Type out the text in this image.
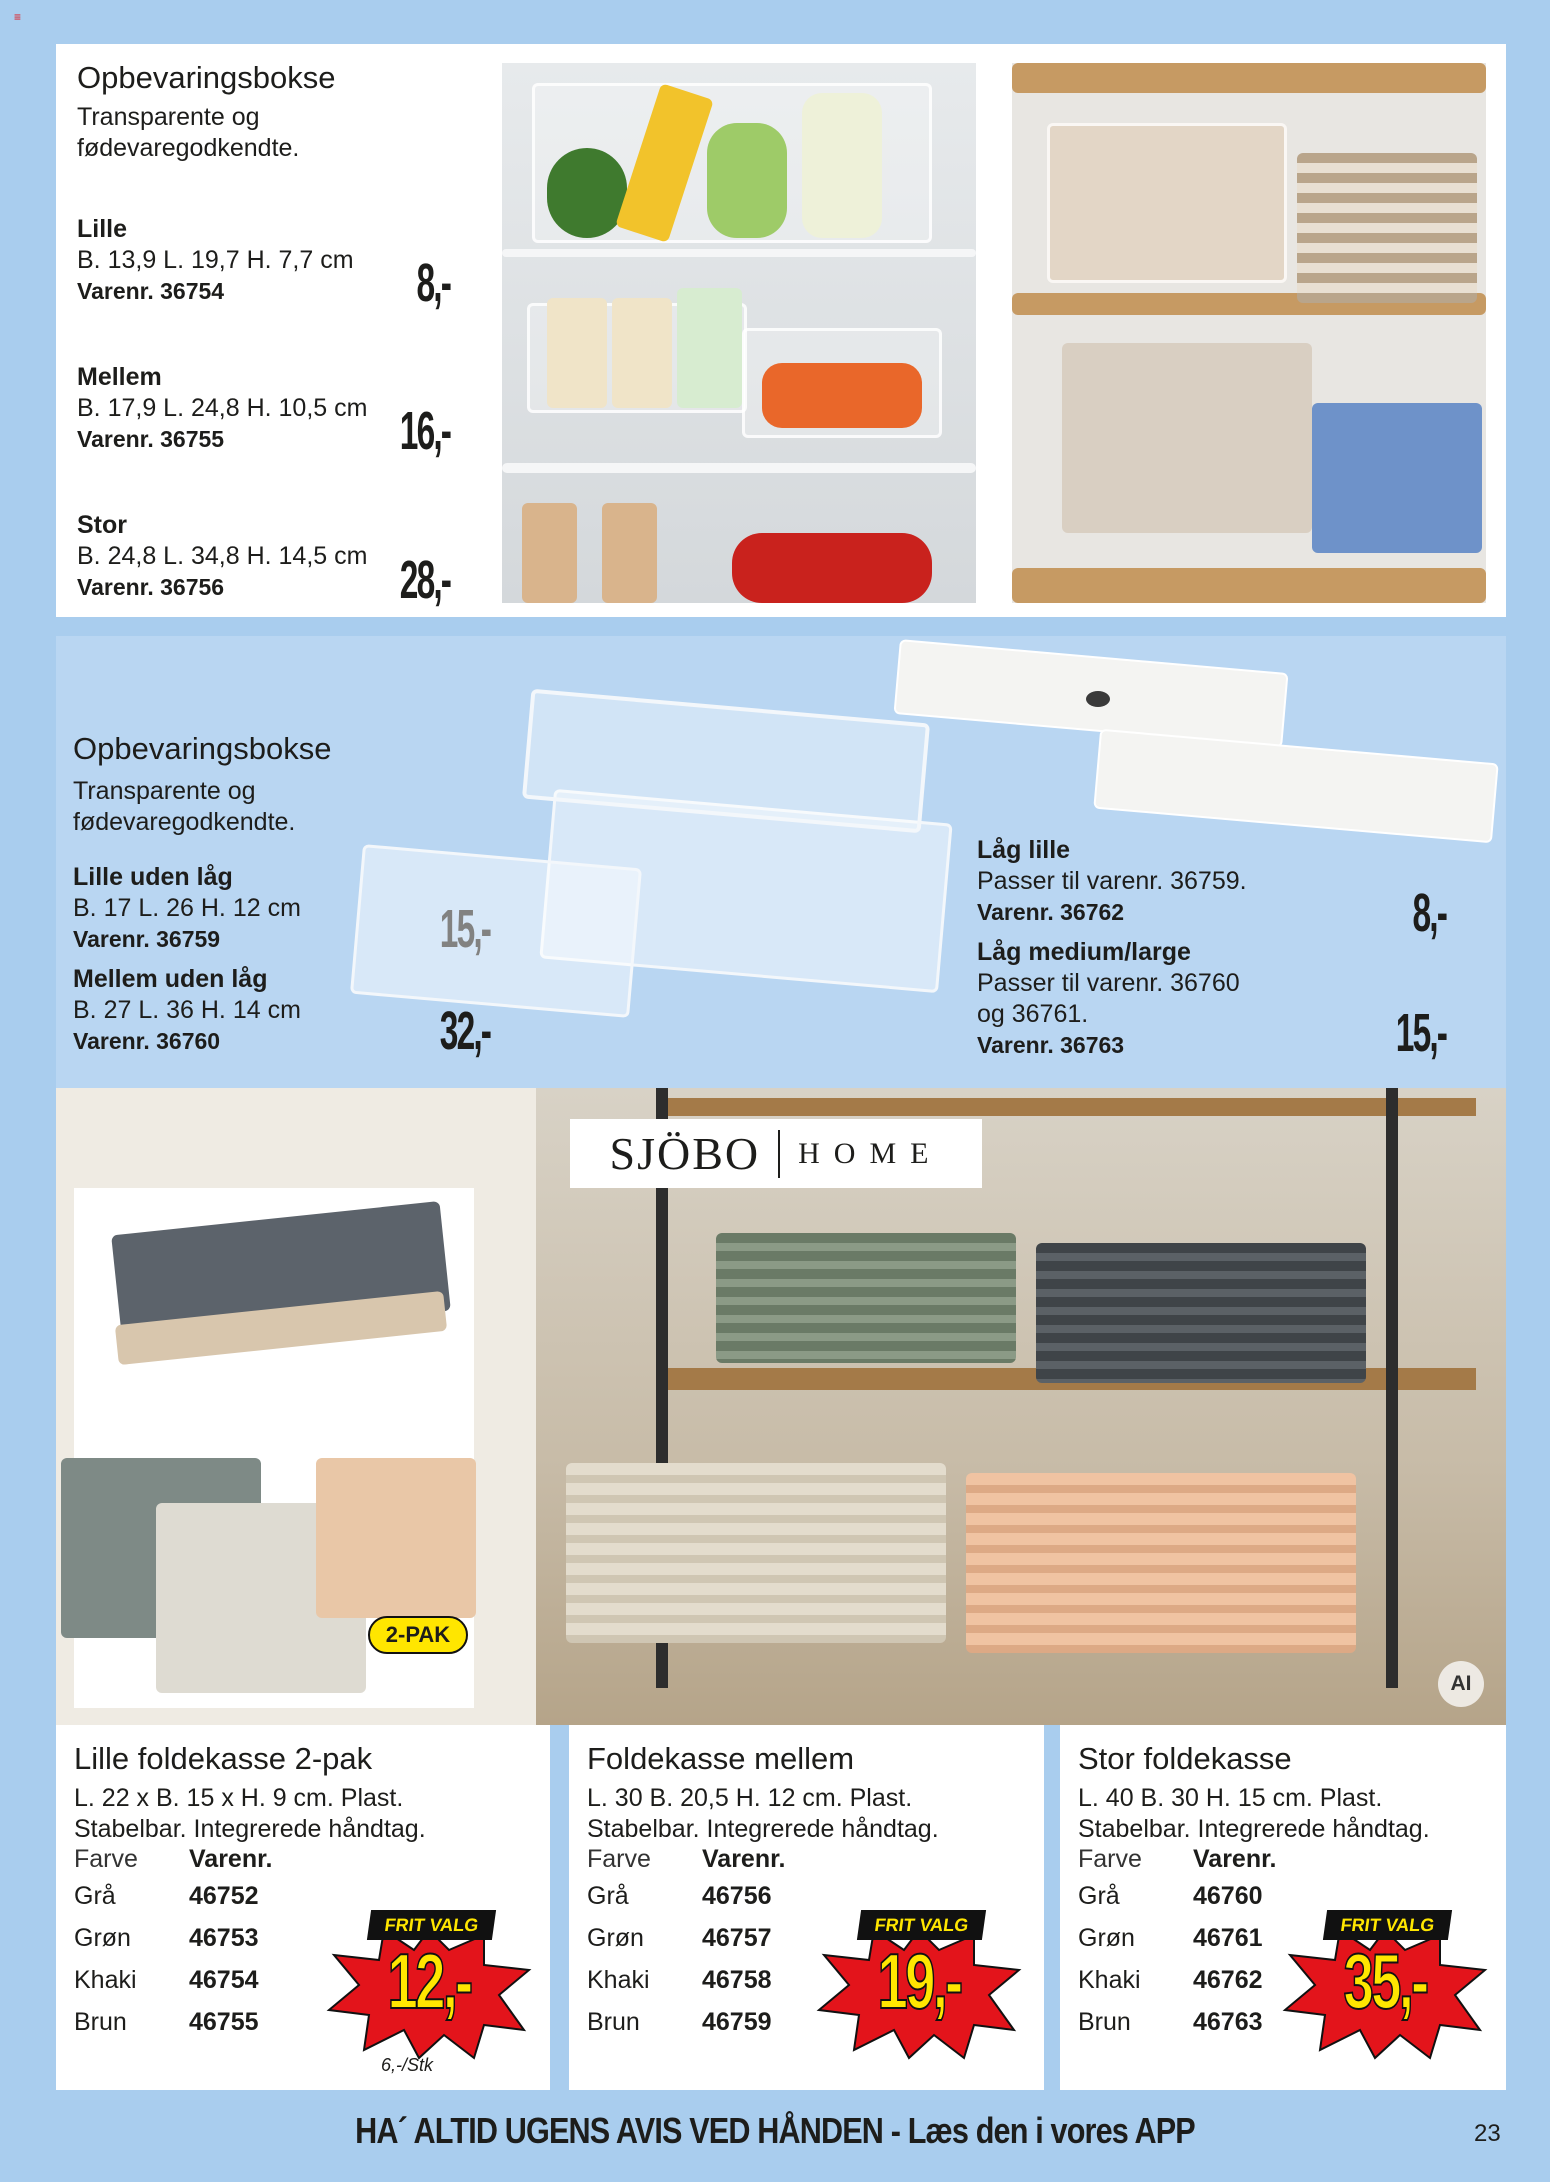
≡
Opbevaringsbokse
Transparente og
fødevaregodkendte.
Lille
B. 13,9 L. 19,7 H. 7,7 cm
Varenr. 36754	8,-
Mellem
B. 17,9 L. 24,8 H. 10,5 cm
Varenr. 36755	16,-
Stor
B. 24,8 L. 34,8 H. 14,5 cm
Varenr. 36756	28,-
Opbevaringsbokse
Transparente og
fødevaregodkendte.
Lille uden låg
B. 17 L. 26 H. 12 cm
Varenr. 36759	15,-
Mellem uden låg
B. 27 L. 36 H. 14 cm
Varenr. 36760	32,-
Låg lille
Passer til varenr. 36759.
Varenr. 36762	8,-
Låg medium/large
Passer til varenr. 36760
og 36761.
Varenr. 36763	15,-
2-PAK
SJÖBO HOME
AI
Lille foldekasse 2-pak
L. 22 x B. 15 x H. 9 cm. Plast.
Stabelbar. Integrerede håndtag.
Farve	Varenr.
Grå	46752
Grøn	46753
Khaki	46754
Brun	46755
FRIT VALG
12,-
6,-/Stk
Foldekasse mellem
L. 30 B. 20,5 H. 12 cm. Plast.
Stabelbar. Integrerede håndtag.
Farve	Varenr.
Grå	46756
Grøn	46757
Khaki	46758
Brun	46759
FRIT VALG
19,-
Stor foldekasse
L. 40 B. 30 H. 15 cm. Plast.
Stabelbar. Integrerede håndtag.
Farve	Varenr.
Grå	46760
Grøn	46761
Khaki	46762
Brun	46763
FRIT VALG
35,-
HA´ ALTID UGENS AVIS VED HÅNDEN - Læs den i vores APP	23
